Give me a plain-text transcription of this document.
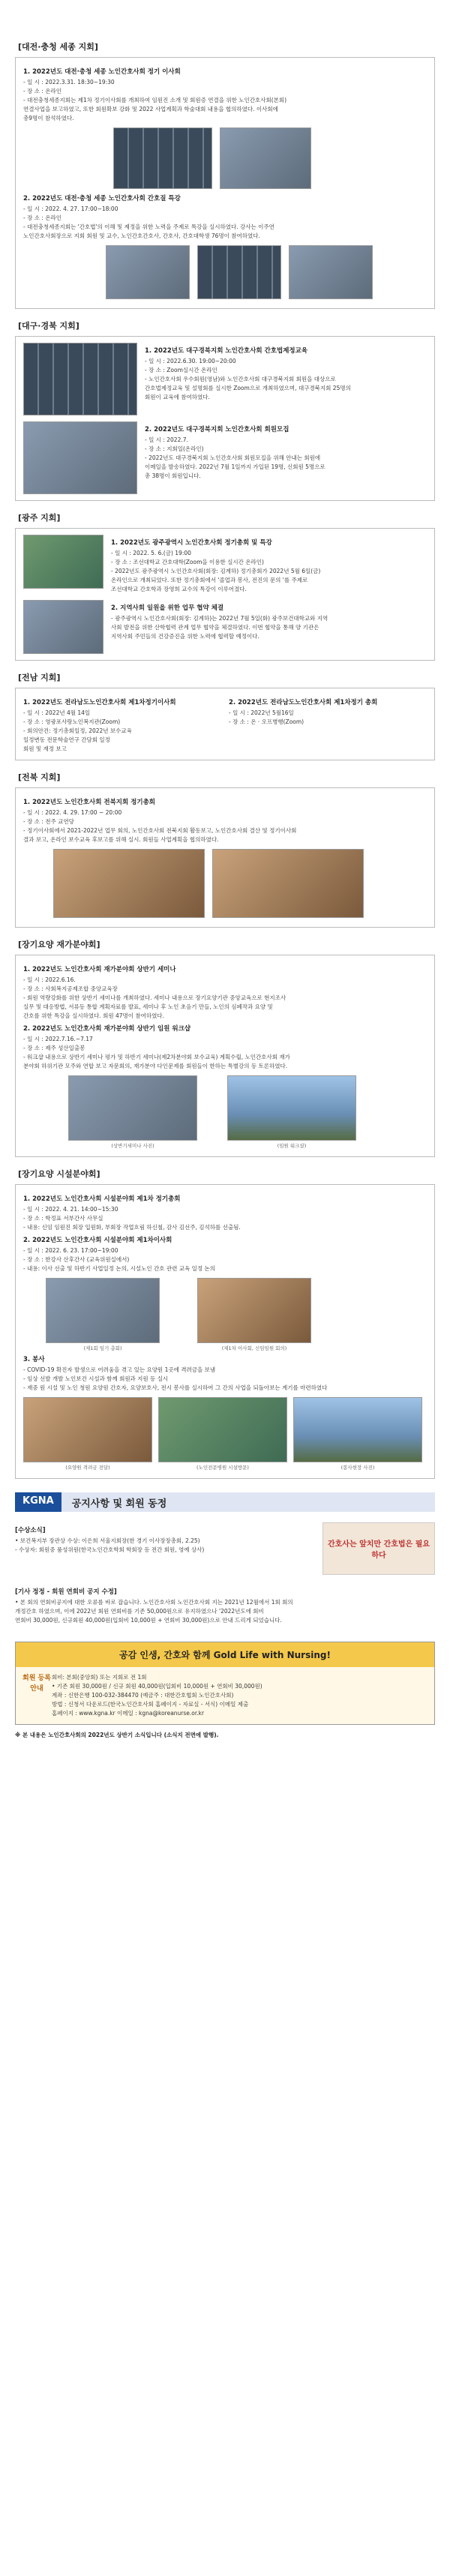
[대전·충청 세종 지회]
1. 2022년도 대전·충청 세종 노인간호사회 정기 이사회
- 일 시 : 2022.3.31. 18:30~19:30
- 장 소 : 온라인
- 대전충청세종지회는 제1차 정기이사회를 개최하여 임원진 소개 및 회원증 연결을 위한 노인간호사회(본회)
연결사업을 보고하였고, 또한 회원확보 강화 및 2022 사업계획과 학술대회 내용을 협의하였다. 이사회에
총9명이 참석하였다.
2. 2022년도 대전·충청 세종 노인간호사회 간호질 특강
- 일 시 : 2022. 4. 27. 17:00~18:00
- 장 소 : 온라인
- 대전충청세종지회는 '간호법'의 이해 및 제정을 위한 노력을 주제로 특강을 실시하였다. 강사는 이주연
노인간호사회장으로 지회 회원 및 교수, 노인간호간호사, 간호사, 간호대학생 76명이 참여하였다.
[대구·경북 지회]
1. 2022년도 대구경북지회 노인간호사회 간호법제정교육
- 일 시 : 2022.6.30. 19:00~20:00
- 장 소 : Zoom실시간 온라인
- 노인간호사회 우수회원(영남)와 노인간호사회 대구경북지회 회원을 대상으로
간호법제정교육 및 설명회를 실시한 Zoom으로 개최하였으며, 대구경북지회 25명의
회원이 교육에 참여하였다.
2. 2022년도 대구경북지회 노인간호사회 회원모집
- 일 시 : 2022.7.
- 장 소 : 지회일(온라인)
- 2022년도 대구경북지회 노인간호사회 회원모집을 위해 안내는 회원에
이메일을 발송하였다. 2022년 7월 1일까지 가입된 19명, 신회원 5명으로
총 38명이 회원입니다.
[광주 지회]
1. 2022년도 광주광역시 노인간호사회 정기총회 및 특강
- 일 시 : 2022. 5. 6.(금) 19:00
- 장 소 : 조선대학교 간호대학(Zoom을 이용한 실시간 온라인)
- 2022년도 광주광역시 노인간호사회(회장: 김계하) 정기총회가 2022년 5월 6일(금)
온라인으로 개최되었다. 또한 정기총회에서 '졸업과 봉사, 전진의 문의 '를 주제로
조선대학교 간호학과 장영희 교수의 특강이 이루어졌다.
2. 지역사회 일원을 위한 업무 협약 체결
- 광주광역시 노인간호사회(회장: 김계하)는 2022년 7월 5일(화) 광주보건대학교와 지역
사회 발전을 위한 산학협력 관계 업무 협약을 체결하였다. 이번 협약을 통해 양 기관은
지역사회 주민들의 건강증진을 위한 노력에 협력할 예정이다.
[전남 지회]
1. 2022년도 전라남도노인간호사회 제1차정기이사회
- 일 시 : 2022년 4월 14일
- 장 소 : 영광포사랑노인복지관(Zoom)
- 회의안건: 정기총회일정, 2022년 보수교육
일정변동 전문학술연구 간담회 일정
회원 및 재정 보고
2. 2022년도 전라남도노인간호사회 제1차정기 총회
- 일 시 : 2022년 5월16일
- 장 소 : 온 · 오프병행(Zoom)
[전북 지회]
1. 2022년도 노인간호사회 전북지회 정기총회
- 일 시 : 2022. 4. 29. 17:00 ~ 20:00
- 장 소 : 전주 교연당
- 정기이사회에서 2021-2022년 업무 회의, 노인간호사회 전북지회 활동보고, 노인간호사회 결산 및 정기이사회
결과 보고, 온라인 보수교육 후보고를 위해 실시. 회원들 사업계획을 협의하였다.
[장기요양 재가분야회]
1. 2022년도 노인간호사회 재가분야회 상반기 세미나
- 일 시 : 2022.6.16.
- 장 소 : 사회복지공제조합 중앙교육장
- 회원 역량강화를 위한 상반기 세미나를 개최하였다. 세미나 내용으로 장기요양기관 중앙교육으로 현지조사
실무 및 대응방법, 서류등 통합 계획자료를 발표, 세미나 후 노인 초음기 만들, 노인의 심폐작과 요양 및
간호를 위한 특강을 실시하였다. 회원 47명이 참여하였다.
2. 2022년도 노인간호사회 재가분야회 상반기 임원 워크샵
- 일 시 : 2022.7.16.~7.17
- 장 소 : 제주 성산일출봉
- 워크샵 내용으로 상반기 세미나 평가 및 하반기 세미나(제2차분야회 보수교육) 계획수립, 노인간호사회 재가
분야회 하위기관 모주와 연합 보고 자문회의, 재가분야 다인문제를 회원들이 한하는 특별강의 등 토론하였다.
(상반기세미나 사진)	(임원 워크샵)
[장기요양 시설분야회]
1. 2022년도 노인간호사회 시설분야회 제1차 정기총회
- 일 시 : 2022. 4. 21. 14:00~15:30
- 장 소 : 학정표 서부간사 사무실
- 내용: 신임 임원진 회장 입원화, 부회장 작업흐림 하신철, 감사 김선주, 김석하를 선출됨.
2. 2022년도 노인간호사회 시설분야회 제1차이사회
- 일 시 : 2022. 6. 23. 17:00~19:00
- 장 소 : 한강사 산후간사 (교육위원실에서)
- 내용: 이사 선출 및 하반기 사업일정 논의, 시설노인 간호 관련 교육 일정 논의
(제1회 임기 총회)	(제1차 이사회, 신임임원 회의)
3. 봉사
- COVID-19 확진자 발생으로 어려움을 겪고 있는 요양원 1곳에 격려금을 보냄
- 임상 선발 개발 노인보건 시설과 함께 회원과 지원 등 실시
- 재중 원 시설 및 노인 청원 요양원 간호자, 요양보호사, 전시 봉사를 실시하여 그 간의 사업을 되돌아보는 계기를 마련하였다
(요양원 격려금 전달)	(노인전문병원 시설방문)	(봉사현장 사진)
KGNA	공지사항 및 회원 동정
[수상소식]
• 보건복지부 장관상 수상: 이은희 서울지회장(한 경기 이사장장총회, 2.25)
- 수상자: 회원중 품성위원(한국노인간호학회 학회장 등 전간 회원, 영예 상사)
간호사는 앞치만 간호법은 필요하다
[기사 정정 - 회원 연회비 공지 수정]
• 본 회의 연회비공지에 대한 오류를 바로 잡습니다. 노인간호사회 노인간호사회 지는 2021년 12월에서 1회 회의
개정간호 하였으며, 이에 2022년 회원 연회비를 기존 50,000원으로 유지하였으나 '2022년도에 회비
연회비 30,000원, 신규회원 40,000원(입회비 10,000원 + 연회비 30,000원)으로 안내 드리게 되었습니다.
공감 인생, 간호와 함께 Gold Life with Nursing!
회원 등록 안내
회비: 본회(중앙회) 또는 지회로 전 1회
• 기존 회원 30,000원 / 신규 회원 40,000원(입회비 10,000원 + 연회비 30,000원)
계좌 : 신한은행 100-032-384470 (예금주 : 대한간호협회 노인간호사회)
방법 : 신청서 다운로드(한국노인간호사회 홈페이지 - 자료실 - 서식) 이메일 제출
홈페이지 : www.kgna.kr 이메일 : kgna@koreanurse.or.kr
※ 본 내용은 노인간호사회의 2022년도 상반기 소식입니다 (소식지 전면에 발행).
